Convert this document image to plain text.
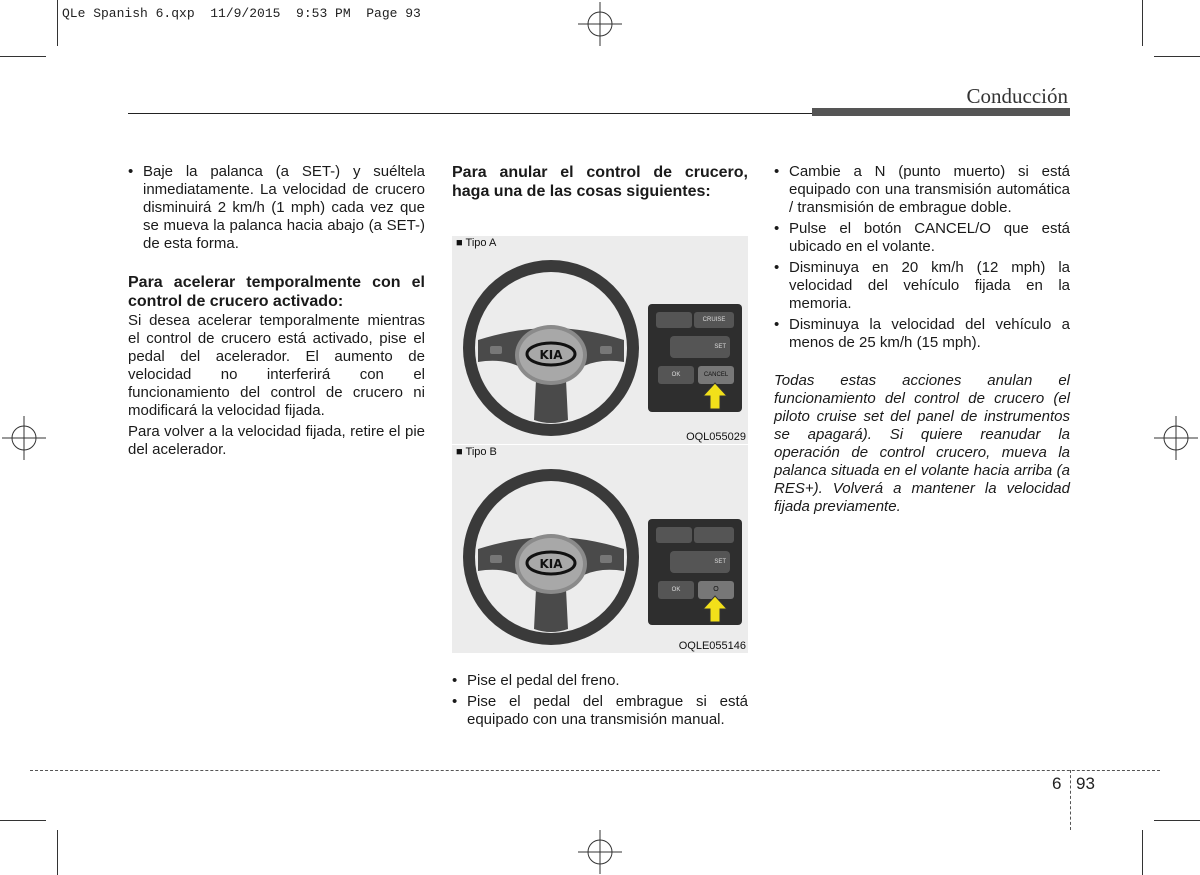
QLe Spanish 6.qxp  11/9/2015  9:53 PM  Page 93
Conducción
• Baje la palanca (a SET-) y suéltela inmediatamente. La velocidad de crucero disminuirá 2 km/h (1 mph) cada vez que se mueva la palanca hacia abajo (a SET-) de esta forma.

Para acelerar temporalmente con el control de crucero activado:

Si desea acelerar temporalmente mientras el control de crucero está activado, pise el pedal del acelerador. El aumento de velocidad no interferirá con el funcionamiento del control de crucero ni modificará la velocidad fijada.

Para volver a la velocidad fijada, retire el pie del acelerador.

Para anular el control de crucero, haga una de las cosas siguientes:

■ Tipo A
KIA
CRUISE
SET
OK	CANCEL
OQL055029
■ Tipo B
KIA	SET
OK	O
OQLE055146
• Pise el pedal del freno.
• Pise el pedal del embrague si está equipado con una transmisión manual.
• Cambie a N (punto muerto) si está equipado con una transmisión automática / transmisión de embrague doble.
• Pulse el botón CANCEL/O que está ubicado en el volante.
• Disminuya en 20 km/h (12 mph) la velocidad del vehículo fijada en la memoria.
• Disminuya la velocidad del vehículo a menos de 25 km/h (15 mph).

Todas estas acciones anulan el funcionamiento del control de crucero (el piloto cruise set del panel de instrumentos se apagará). Si quiere reanudar la operación de control crucero, mueva la palanca situada en el volante hacia arriba (a RES+). Volverá a mantener la velocidad fijada previamente.

6 93
